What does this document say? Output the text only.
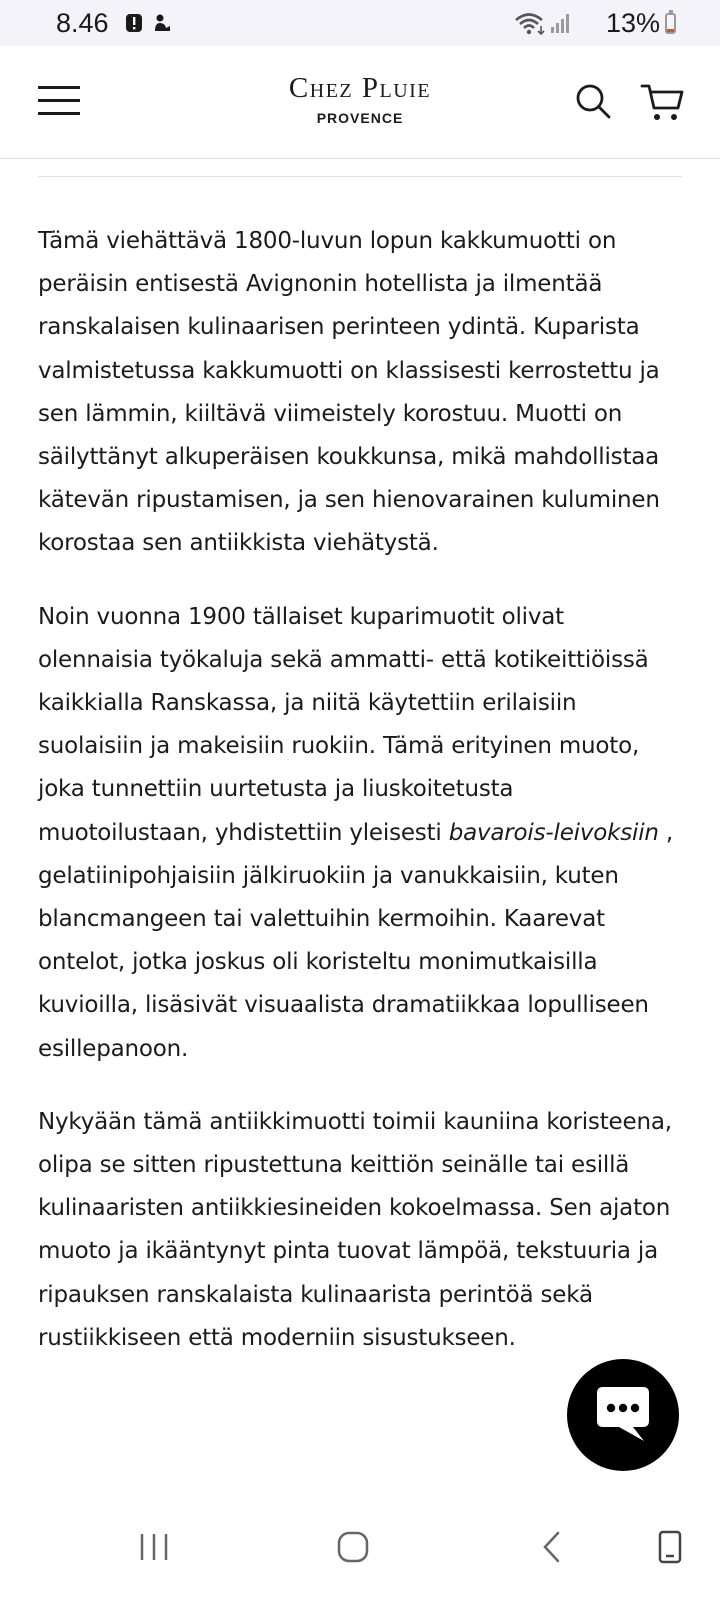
8.46	13%
Chez Pluie
PROVENCE

Tämä viehättävä 1800-luvun lopun kakkumuotti on peräisin entisestä Avignonin hotellista ja ilmentää ranskalaisen kulinaarisen perinteen ydintä. Kuparista valmistetussa kakkumuotti on klassisesti kerrostettu ja sen lämmin, kiiltävä viimeistely korostuu. Muotti on säilyttänyt alkuperäisen koukkunsa, mikä mahdollistaa kätevän ripustamisen, ja sen hienovarainen kuluminen korostaa sen antiikkista viehätystä.

Noin vuonna 1900 tällaiset kuparimuotit olivat olennaisia työkaluja sekä ammatti- että kotikeittiöissä kaikkialla Ranskassa, ja niitä käytettiin erilaisiin suolaisiin ja makeisiin ruokiin. Tämä erityinen muoto, joka tunnettiin uurtetusta ja liuskoitetusta muotoilustaan, yhdistettiin yleisesti bavarois-leivoksiin , gelatiinipohjaisiin jälkiruokiin ja vanukkaisiin, kuten blancmangeen tai valettuihin kermoihin. Kaarevat ontelot, jotka joskus oli koristeltu monimutkaisilla kuvioilla, lisäsivät visuaalista dramatiikkaa lopulliseen esillepanoon.

Nykyään tämä antiikkimuotti toimii kauniina koristeena, olipa se sitten ripustettuna keittiön seinälle tai esillä kulinaaristen antiikkiesineiden kokoelmassa. Sen ajaton muoto ja ikääntynyt pinta tuovat lämpöä, tekstuuria ja ripauksen ranskalaista kulinaarista perintöä sekä rustiikkiseen että moderniin sisustukseen.
